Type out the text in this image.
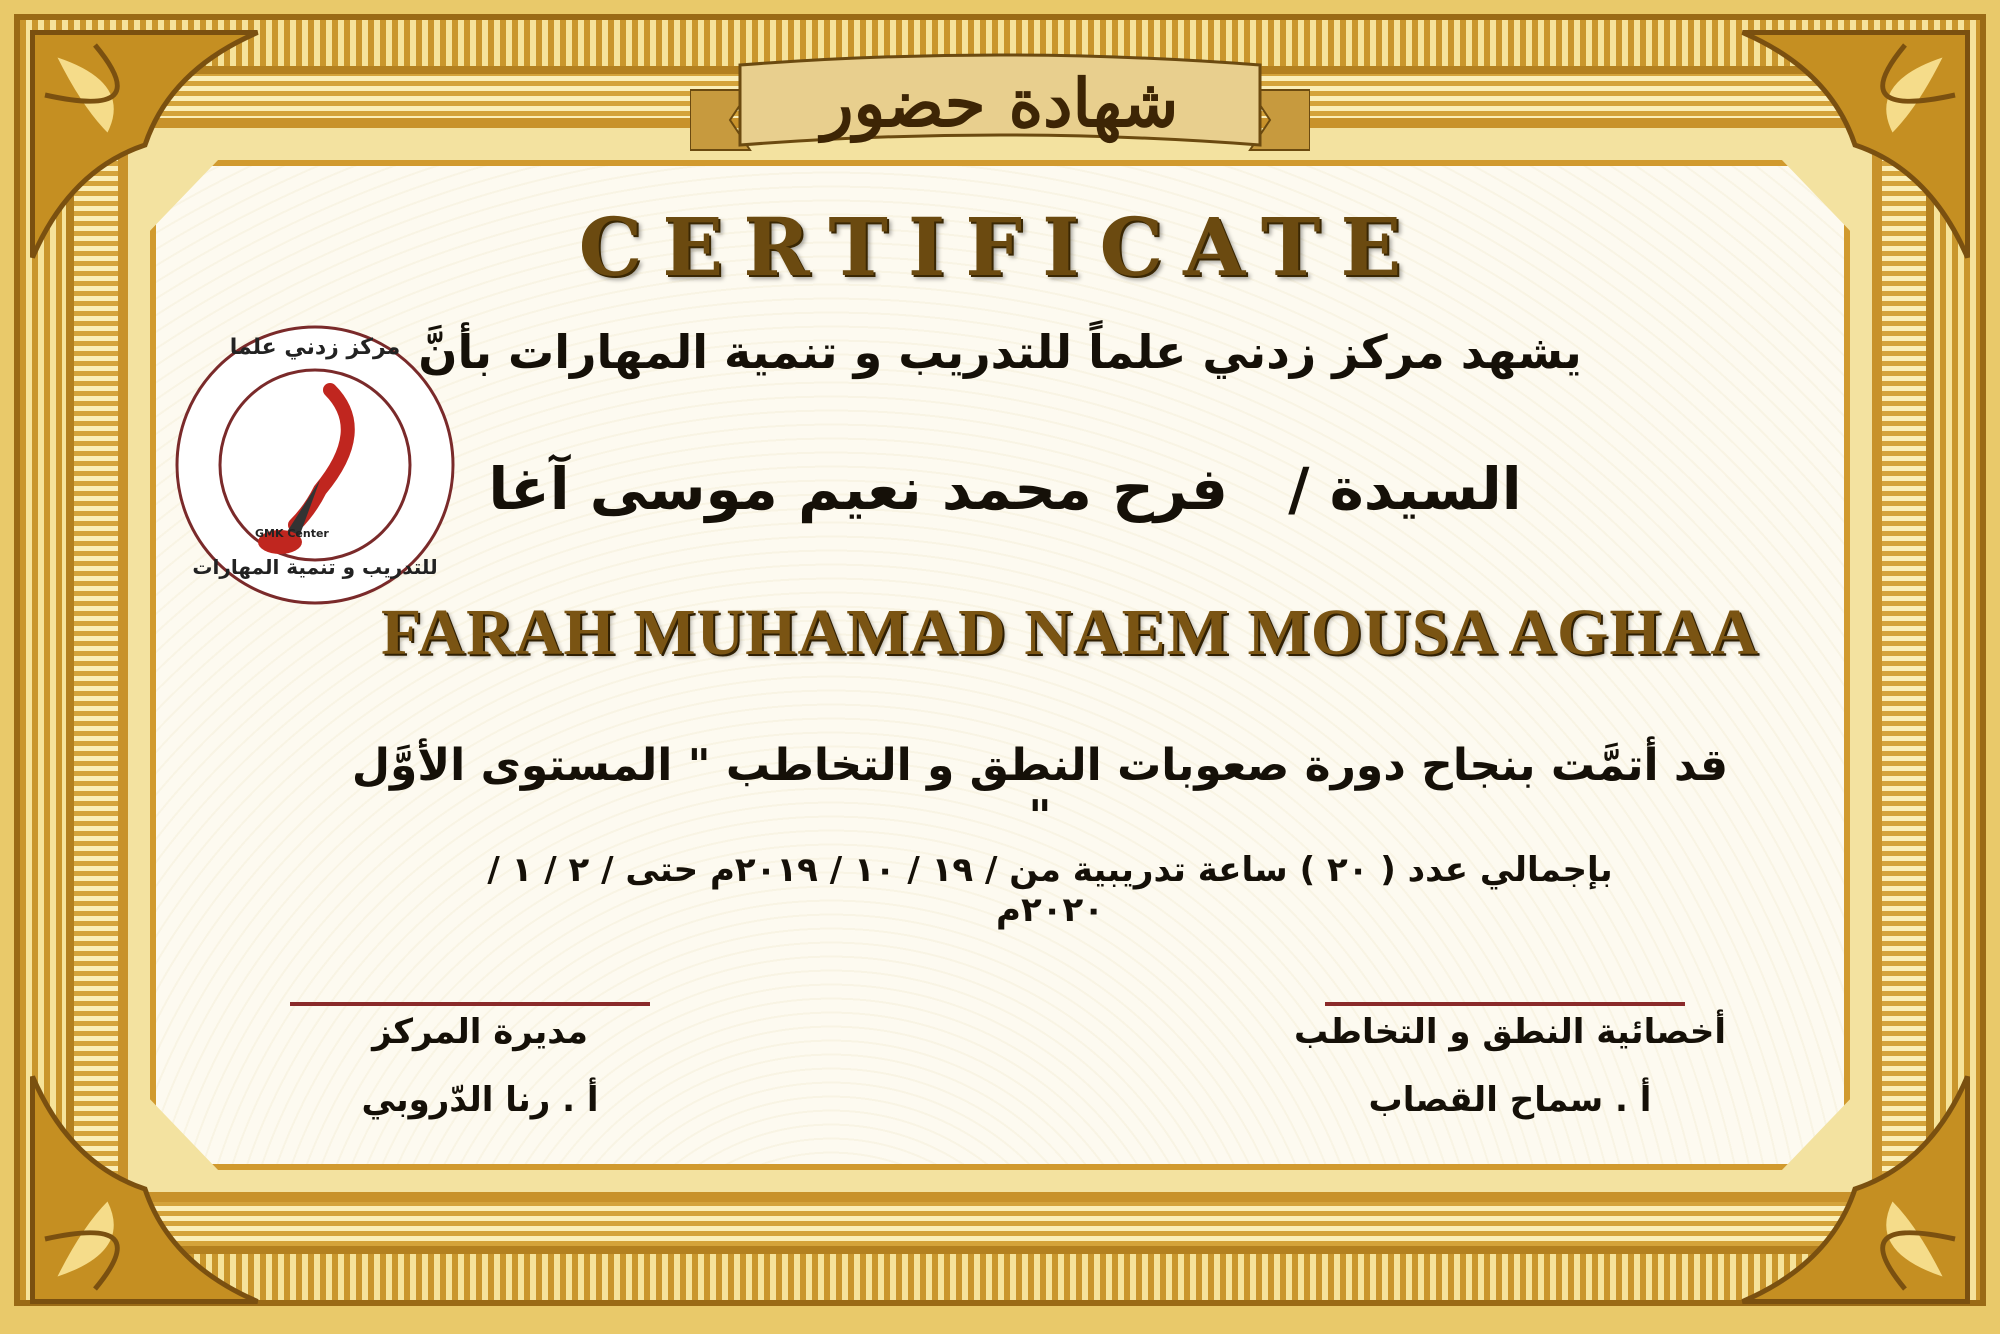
شهادة حضور
CERTIFICATE
مركز زدني علما
للتدريب و تنمية المهارات
GMK Center
يشهد مركز زدني علماً للتدريب و تنمية المهارات بأنَّ
السيدة / فرح محمد نعيم موسى آغا
FARAH MUHAMAD NAEM MOUSA AGHAA
قد أتمَّت بنجاح دورة صعوبات النطق و التخاطب " المستوى الأوَّل "
بإجمالي عدد ( ٢٠ ) ساعة تدريبية من / ١٩ / ١٠ / ٢٠١٩م حتى / ٢ / ١ / ٢٠٢٠م
أخصائية النطق و التخاطب
أ . سماح القصاب
مديرة المركز
أ . رنا الدّروبي
